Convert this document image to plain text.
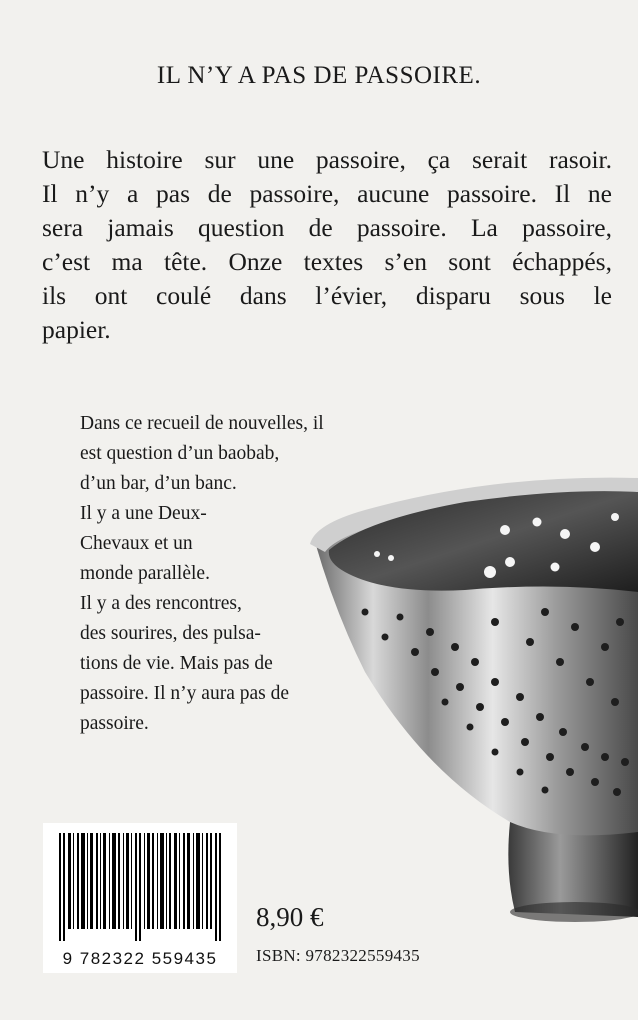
IL N’Y A PAS DE PASSOIRE.
Une histoire sur une passoire, ça serait rasoir.
Il n’y a pas de passoire, aucune passoire. Il ne
sera jamais question de passoire. La passoire,
c’est ma tête. Onze textes s’en sont échappés,
ils ont coulé dans l’évier, disparu sous le
papier.
Dans ce recueil de nouvelles, il
est question d’un baobab,
d’un bar, d’un banc.
Il y a une Deux-
Chevaux et un
monde parallèle.
Il y a des rencontres,
des sourires, des pulsa-
tions de vie. Mais pas de
passoire. Il n’y aura pas de
passoire.
9 782322 559435
8,90 €
ISBN: 9782322559435
